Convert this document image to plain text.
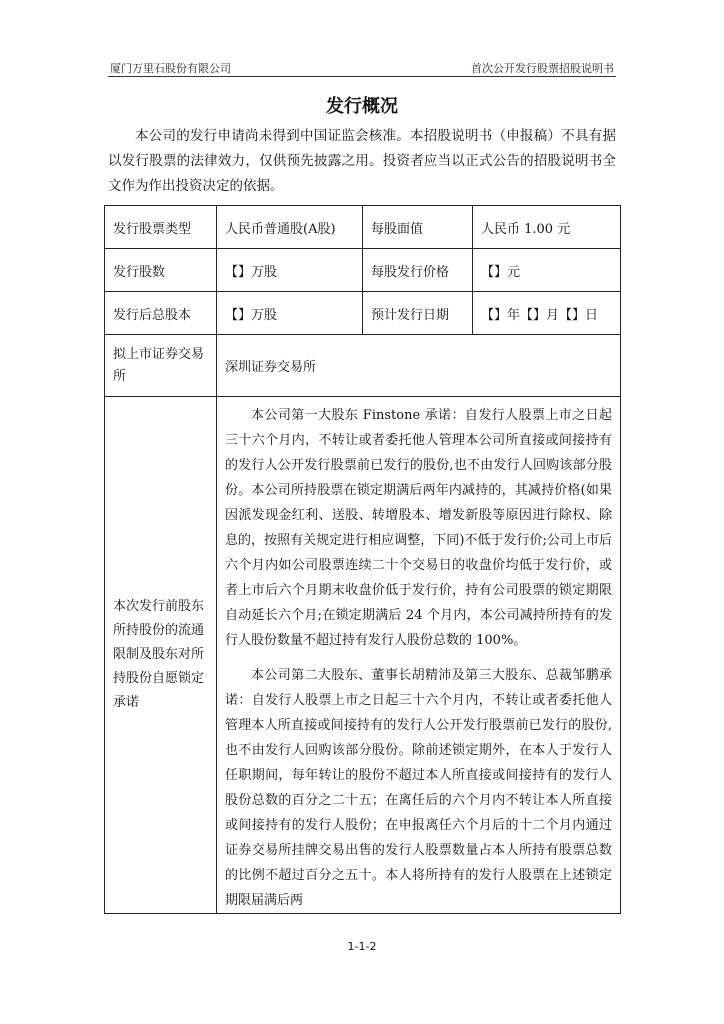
厦门万里石股份有限公司	首次公开发行股票招股说明书
发行概况
本公司的发行申请尚未得到中国证监会核准。本招股说明书（申报稿）不具有据以发行股票的法律效力，仅供预先披露之用。投资者应当以正式公告的招股说明书全文作为作出投资决定的依据。
发行股票类型	人民币普通股(A股)	每股面值	人民币 1.00 元
发行股数	【】万股	每股发行价格	【】元
发行后总股本	【】万股	预计发行日期	【】年【】月【】日
拟上市证券交易所	深圳证券交易所		
本次发行前股东所持股份的流通限制及股东对所持股份自愿锁定承诺	本公司第一大股东 Finstone 承诺：自发行人股票上市之日起三十六个月内，不转让或者委托他人管理本公司所直接或间接持有的发行人公开发行股票前已发行的股份,也不由发行人回购该部分股份。本公司所持股票在锁定期满后两年内减持的，其减持价格(如果因派发现金红利、送股、转增股本、增发新股等原因进行除权、除息的，按照有关规定进行相应调整，下同)不低于发行价;公司上市后六个月内如公司股票连续二十个交易日的收盘价均低于发行价，或者上市后六个月期末收盘价低于发行价，持有公司股票的锁定期限自动延长六个月;在锁定期满后 24 个月内，本公司减持所持有的发行人股份数量不超过持有发行人股份总数的 100%。

本公司第二大股东、董事长胡精沛及第三大股东、总裁邹鹏承诺：自发行人股票上市之日起三十六个月内，不转让或者委托他人管理本人所直接或间接持有的发行人公开发行股票前已发行的股份,也不由发行人回购该部分股份。除前述锁定期外，在本人于发行人任职期间，每年转让的股份不超过本人所直接或间接持有的发行人股份总数的百分之二十五；在离任后的六个月内不转让本人所直接或间接持有的发行人股份；在申报离任六个月后的十二个月内通过证券交易所挂牌交易出售的发行人股票数量占本人所持有股票总数的比例不超过百分之五十。本人将所持有的发行人股票在上述锁定期限届满后两		

1-1-2
